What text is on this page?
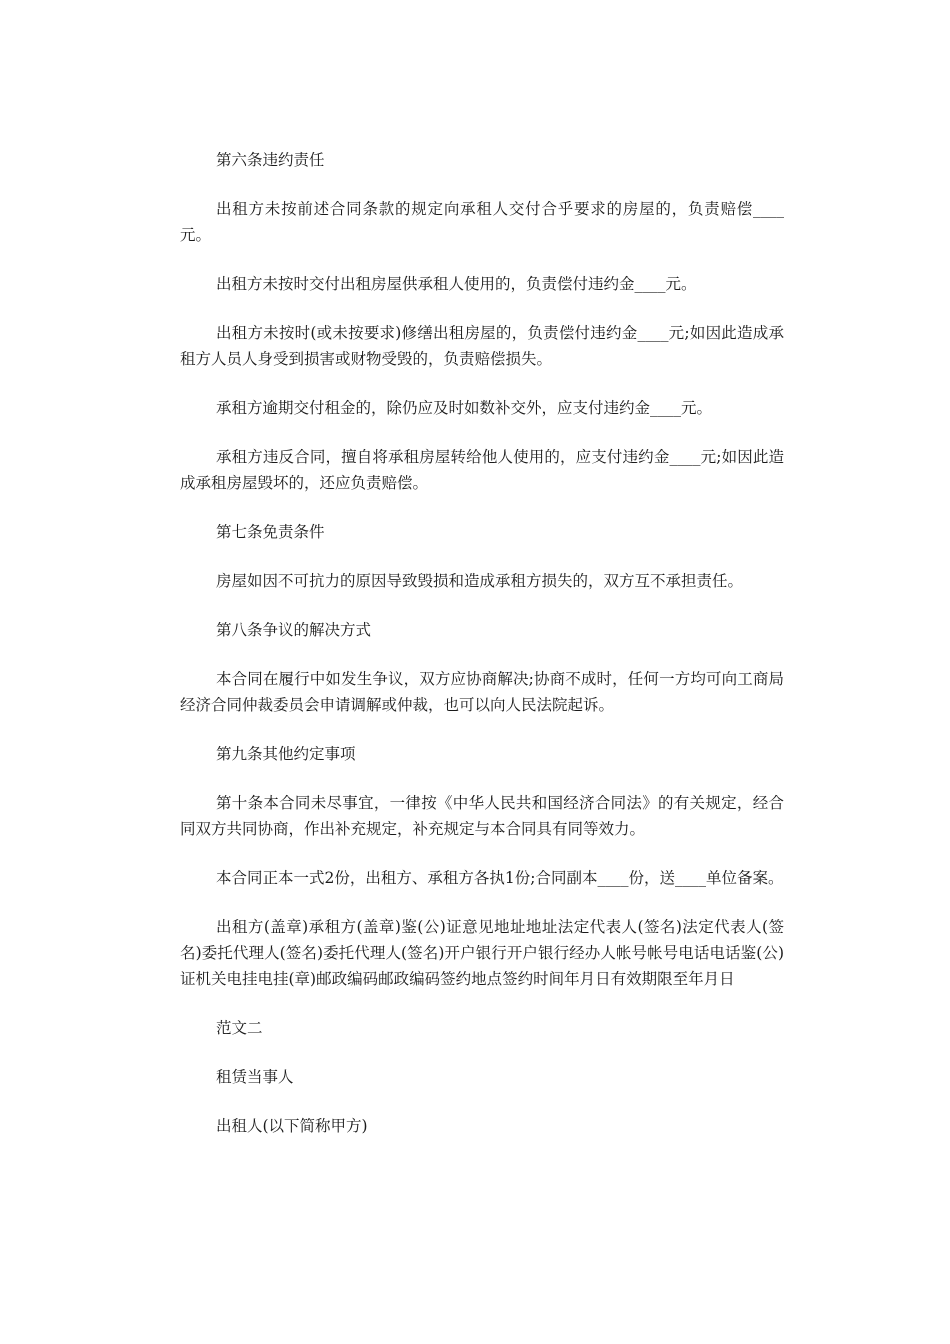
第六条违约责任

出租方未按前述合同条款的规定向承租人交付合乎要求的房屋的，负责赔偿____元。

出租方未按时交付出租房屋供承租人使用的，负责偿付违约金____元。

出租方未按时(或未按要求)修缮出租房屋的，负责偿付违约金____元;如因此造成承租方人员人身受到损害或财物受毁的，负责赔偿损失。

承租方逾期交付租金的，除仍应及时如数补交外，应支付违约金____元。

承租方违反合同，擅自将承租房屋转给他人使用的，应支付违约金____元;如因此造成承租房屋毁坏的，还应负责赔偿。

第七条免责条件

房屋如因不可抗力的原因导致毁损和造成承租方损失的，双方互不承担责任。

第八条争议的解决方式

本合同在履行中如发生争议，双方应协商解决;协商不成时，任何一方均可向工商局经济合同仲裁委员会申请调解或仲裁，也可以向人民法院起诉。

第九条其他约定事项

第十条本合同未尽事宜，一律按《中华人民共和国经济合同法》的有关规定，经合同双方共同协商，作出补充规定，补充规定与本合同具有同等效力。

本合同正本一式2份，出租方、承租方各执1份;合同副本____份，送____单位备案。

出租方(盖章)承租方(盖章)鉴(公)证意见地址地址法定代表人(签名)法定代表人(签名)委托代理人(签名)委托代理人(签名)开户银行开户银行经办人帐号帐号电话电话鉴(公)证机关电挂电挂(章)邮政编码邮政编码签约地点签约时间年月日有效期限至年月日

范文二

租赁当事人

出租人(以下简称甲方)
